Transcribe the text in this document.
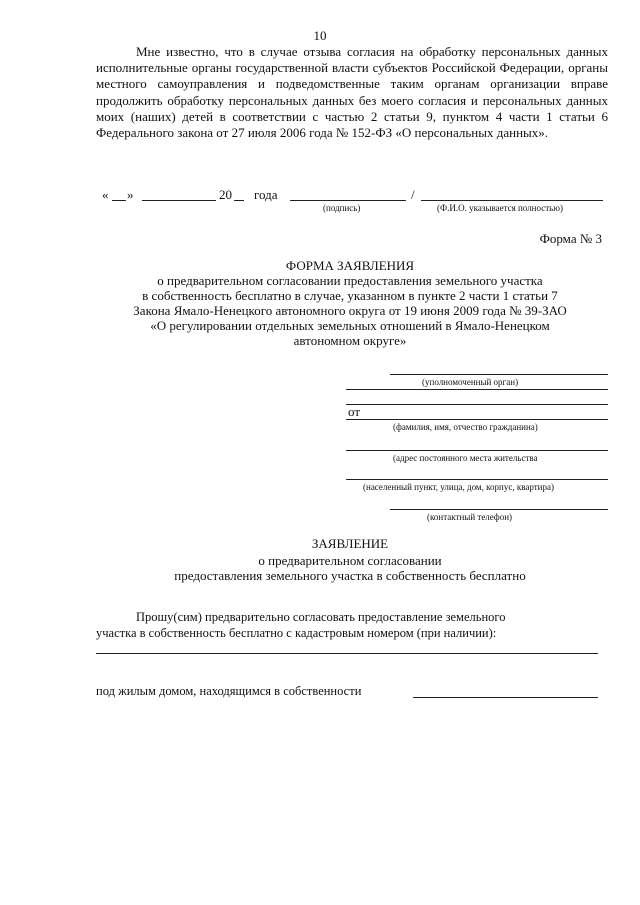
10
Мне известно, что в случае отзыва согласия на обработку персональных данных исполнительные органы государственной власти субъектов Российской Федерации, органы местного самоуправления и подведомственные таким органам организации вправе продолжить обработку персональных данных без моего согласия и персональных данных моих (наших) детей в соответствии с частью 2 статьи 9, пунктом 4 части 1 статьи 6 Федерального закона от 27 июля 2006 года № 152-ФЗ «О персональных данных».
« »	20 года	/
(подпись)	(Ф.И.О. указывается полностью)
Форма № 3
ФОРМА ЗАЯВЛЕНИЯ
о предварительном согласовании предоставления земельного участка
в собственность бесплатно в случае, указанном в пункте 2 части 1 статьи 7
Закона Ямало-Ненецкого автономного округа от 19 июня 2009 года № 39-ЗАО
«О регулировании отдельных земельных отношений в Ямало-Ненецком
автономном округе»
(уполномоченный орган)
от
(фамилия, имя, отчество гражданина)
(адрес постоянного места жительства
(населенный пункт, улица, дом, корпус, квартира)
(контактный телефон)
ЗАЯВЛЕНИЕ
о предварительном согласовании
предоставления земельного участка в собственность бесплатно
Прошу(сим) предварительно согласовать предоставление земельного
участка в собственность бесплатно с кадастровым номером (при наличии):
под жилым домом, находящимся в собственности
